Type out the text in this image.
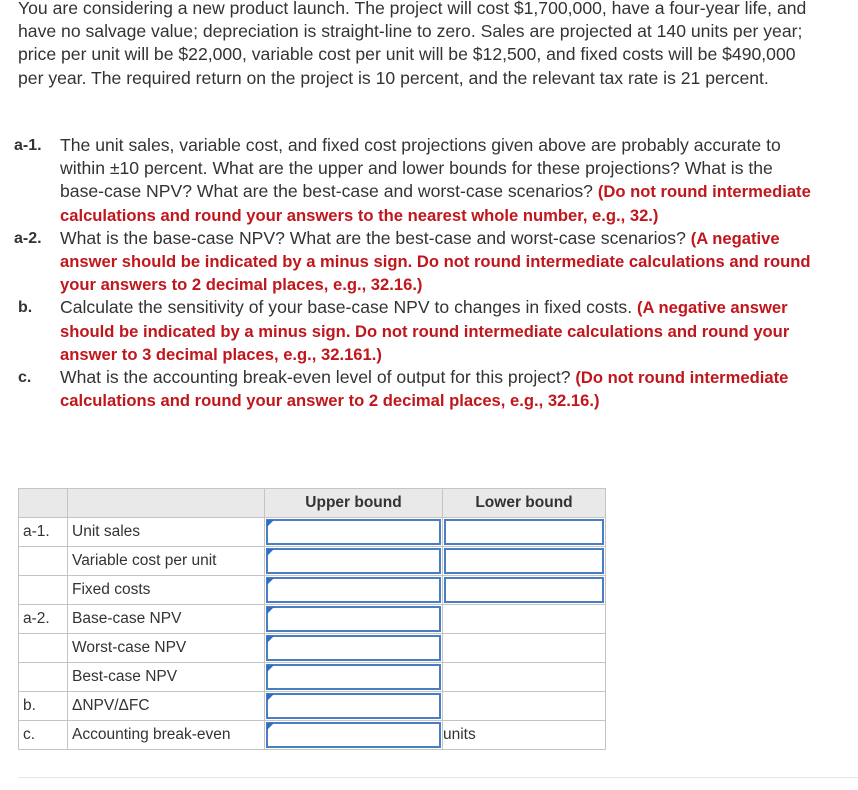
You are considering a new product launch. The project will cost $1,700,000, have a four-year life, and have no salvage value; depreciation is straight-line to zero. Sales are projected at 140 units per year; price per unit will be $22,000, variable cost per unit will be $12,500, and fixed costs will be $490,000 per year. The required return on the project is 10 percent, and the relevant tax rate is 21 percent.
a-1. The unit sales, variable cost, and fixed cost projections given above are probably accurate to within ±10 percent. What are the upper and lower bounds for these projections? What is the base-case NPV? What are the best-case and worst-case scenarios? (Do not round intermediate calculations and round your answers to the nearest whole number, e.g., 32.)
a-2. What is the base-case NPV? What are the best-case and worst-case scenarios? (A negative answer should be indicated by a minus sign. Do not round intermediate calculations and round your answers to 2 decimal places, e.g., 32.16.)
b. Calculate the sensitivity of your base-case NPV to changes in fixed costs. (A negative answer should be indicated by a minus sign. Do not round intermediate calculations and round your answer to 3 decimal places, e.g., 32.161.)
c. What is the accounting break-even level of output for this project? (Do not round intermediate calculations and round your answer to 2 decimal places, e.g., 32.16.)
		Upper bound	Lower bound
a-1.	Unit sales	

	Variable cost per unit	

	Fixed costs	

a-2.	Base-case NPV	

	Worst-case NPV	

	Best-case NPV	

b.	ΔNPV/ΔFC	

c.	Accounting break-even		units
